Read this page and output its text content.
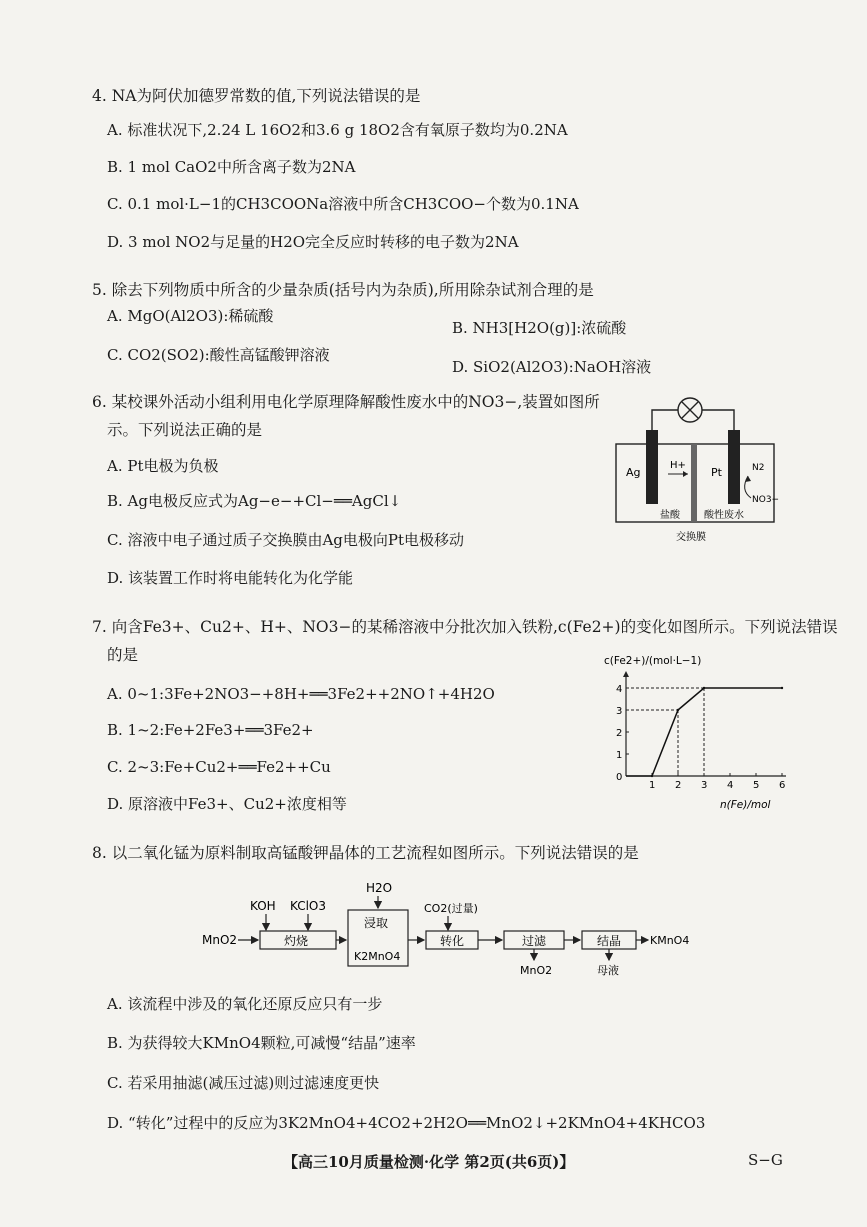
4. NA为阿伏加德罗常数的值,下列说法错误的是
A. 标准状况下,2.24 L 16O2和3.6 g 18O2含有氧原子数均为0.2NA
B. 1 mol CaO2中所含离子数为2NA
C. 0.1 mol·L−1的CH3COONa溶液中所含CH3COO−个数为0.1NA
D. 3 mol NO2与足量的H2O完全反应时转移的电子数为2NA
5. 除去下列物质中所含的少量杂质(括号内为杂质),所用除杂试剂合理的是
A. MgO(Al2O3):稀硫酸
B. NH3[H2O(g)]:浓硫酸
C. CO2(SO2):酸性高锰酸钾溶液
D. SiO2(Al2O3):NaOH溶液
6. 某校课外活动小组利用电化学原理降解酸性废水中的NO3−,装置如图所
示。下列说法正确的是
A. Pt电极为负极
B. Ag电极反应式为Ag−e−+Cl−══AgCl↓
C. 溶液中电子通过质子交换膜由Ag电极向Pt电极移动
D. 该装置工作时将电能转化为化学能
Ag
H+
Pt	N2
NO3−
盐酸 酸性废水
交换膜
7. 向含Fe3+、Cu2+、H+、NO3−的某稀溶液中分批次加入铁粉,c(Fe2+)的变化如图所示。下列说法错误
的是
A. 0~1:3Fe+2NO3−+8H+══3Fe2++2NO↑+4H2O
B. 1~2:Fe+2Fe3+══3Fe2+
C. 2~3:Fe+Cu2+══Fe2++Cu
D. 原溶液中Fe3+、Cu2+浓度相等
c(Fe2+)/(mol·L−1)
n(Fe)/mol
1 2 3 4 5 6
0
1
2
3
4
8. 以二氧化锰为原料制取高锰酸钾晶体的工艺流程如图所示。下列说法错误的是
MnO2
KOH KClO3
灼烧
H2O
浸取
K2MnO4
CO2(过量)
转化	过滤
MnO2
结晶
母液
KMnO4
A. 该流程中涉及的氧化还原反应只有一步
B. 为获得较大KMnO4颗粒,可减慢“结晶”速率
C. 若采用抽滤(减压过滤)则过滤速度更快
D. “转化”过程中的反应为3K2MnO4+4CO2+2H2O══MnO2↓+2KMnO4+4KHCO3
【高三10月质量检测·化学 第2页(共6页)】	S−G
